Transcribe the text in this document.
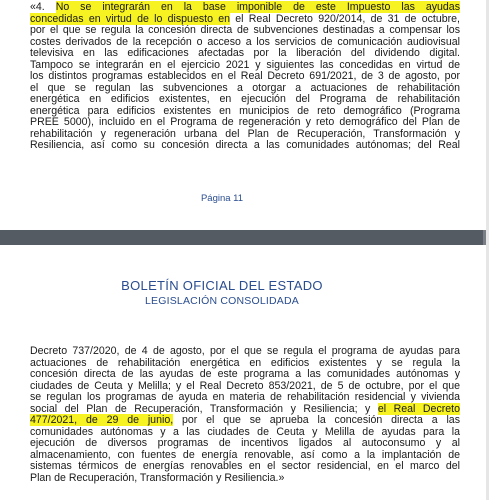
«4. No se integrarán en la base imponible de este Impuesto las ayudas
concedidas en virtud de lo dispuesto en el Real Decreto 920/2014, de 31 de octubre,
por el que se regula la concesión directa de subvenciones destinadas a compensar los
costes derivados de la recepción o acceso a los servicios de comunicación audiovisual
televisiva en las edificaciones afectadas por la liberación del dividendo digital.
Tampoco se integrarán en el ejercicio 2021 y siguientes las concedidas en virtud de
los distintos programas establecidos en el Real Decreto 691/2021, de 3 de agosto, por
el que se regulan las subvenciones a otorgar a actuaciones de rehabilitación
energética en edificios existentes, en ejecución del Programa de rehabilitación
energética para edificios existentes en municipios de reto demográfico (Programa
PREE 5000), incluido en el Programa de regeneración y reto demográfico del Plan de
rehabilitación y regeneración urbana del Plan de Recuperación, Transformación y
Resiliencia, así como su concesión directa a las comunidades autónomas; del Real
Página 11
BOLETÍN OFICIAL DEL ESTADO
LEGISLACIÓN CONSOLIDADA
Decreto 737/2020, de 4 de agosto, por el que se regula el programa de ayudas para
actuaciones de rehabilitación energética en edificios existentes y se regula la
concesión directa de las ayudas de este programa a las comunidades autónomas y
ciudades de Ceuta y Melilla; y el Real Decreto 853/2021, de 5 de octubre, por el que
se regulan los programas de ayuda en materia de rehabilitación residencial y vivienda
social del Plan de Recuperación, Transformación y Resiliencia; y el Real Decreto
477/2021, de 29 de junio, por el que se aprueba la concesión directa a las
comunidades autónomas y a las ciudades de Ceuta y Melilla de ayudas para la
ejecución de diversos programas de incentivos ligados al autoconsumo y al
almacenamiento, con fuentes de energía renovable, así como a la implantación de
sistemas térmicos de energías renovables en el sector residencial, en el marco del
Plan de Recuperación, Transformación y Resiliencia.»
